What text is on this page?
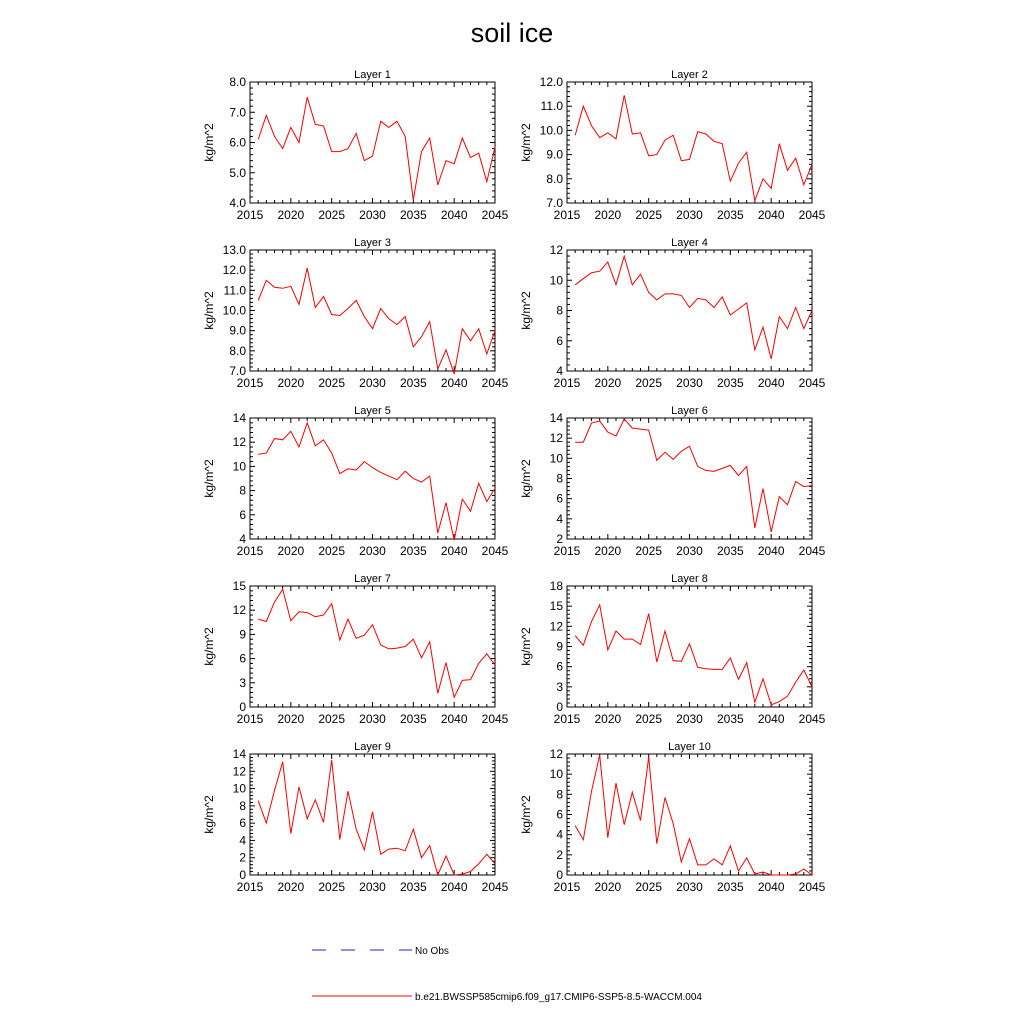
soil ice
Layer 1
kg/m^2
2015 2020 2025 2030 2035 2040 2045
4.0
5.0
6.0
7.0
8.0	Layer 2
kg/m^2
2015 2020 2025 2030 2035 2040 2045
7.0
8.0
9.0
10.0
11.0
12.0
Layer 3
kg/m^2
2015 2020 2025 2030 2035 2040 2045
7.0
8.0
9.0
10.0
11.0
12.0
13.0	Layer 4
kg/m^2
2015 2020 2025 2030 2035 2040 2045
4
6
8
10
12
Layer 5
kg/m^2
2015 2020 2025 2030 2035 2040 2045
4
6
8
10
12
14	Layer 6
kg/m^2
2015 2020 2025 2030 2035 2040 2045
2
4
6
8
10
12
14
Layer 7
kg/m^2
2015 2020 2025 2030 2035 2040 2045
0
3
6
9
12
15	Layer 8
kg/m^2
2015 2020 2025 2030 2035 2040 2045
0
3
6
9
12
15
18
Layer 9
kg/m^2
2015 2020 2025 2030 2035 2040 2045
0
2
4
6
8
10
12
14	Layer 10
kg/m^2
2015 2020 2025 2030 2035 2040 2045
0
2
4
6
8
10
12
No Obs
b.e21.BWSSP585cmip6.f09_g17.CMIP6-SSP5-8.5-WACCM.004
